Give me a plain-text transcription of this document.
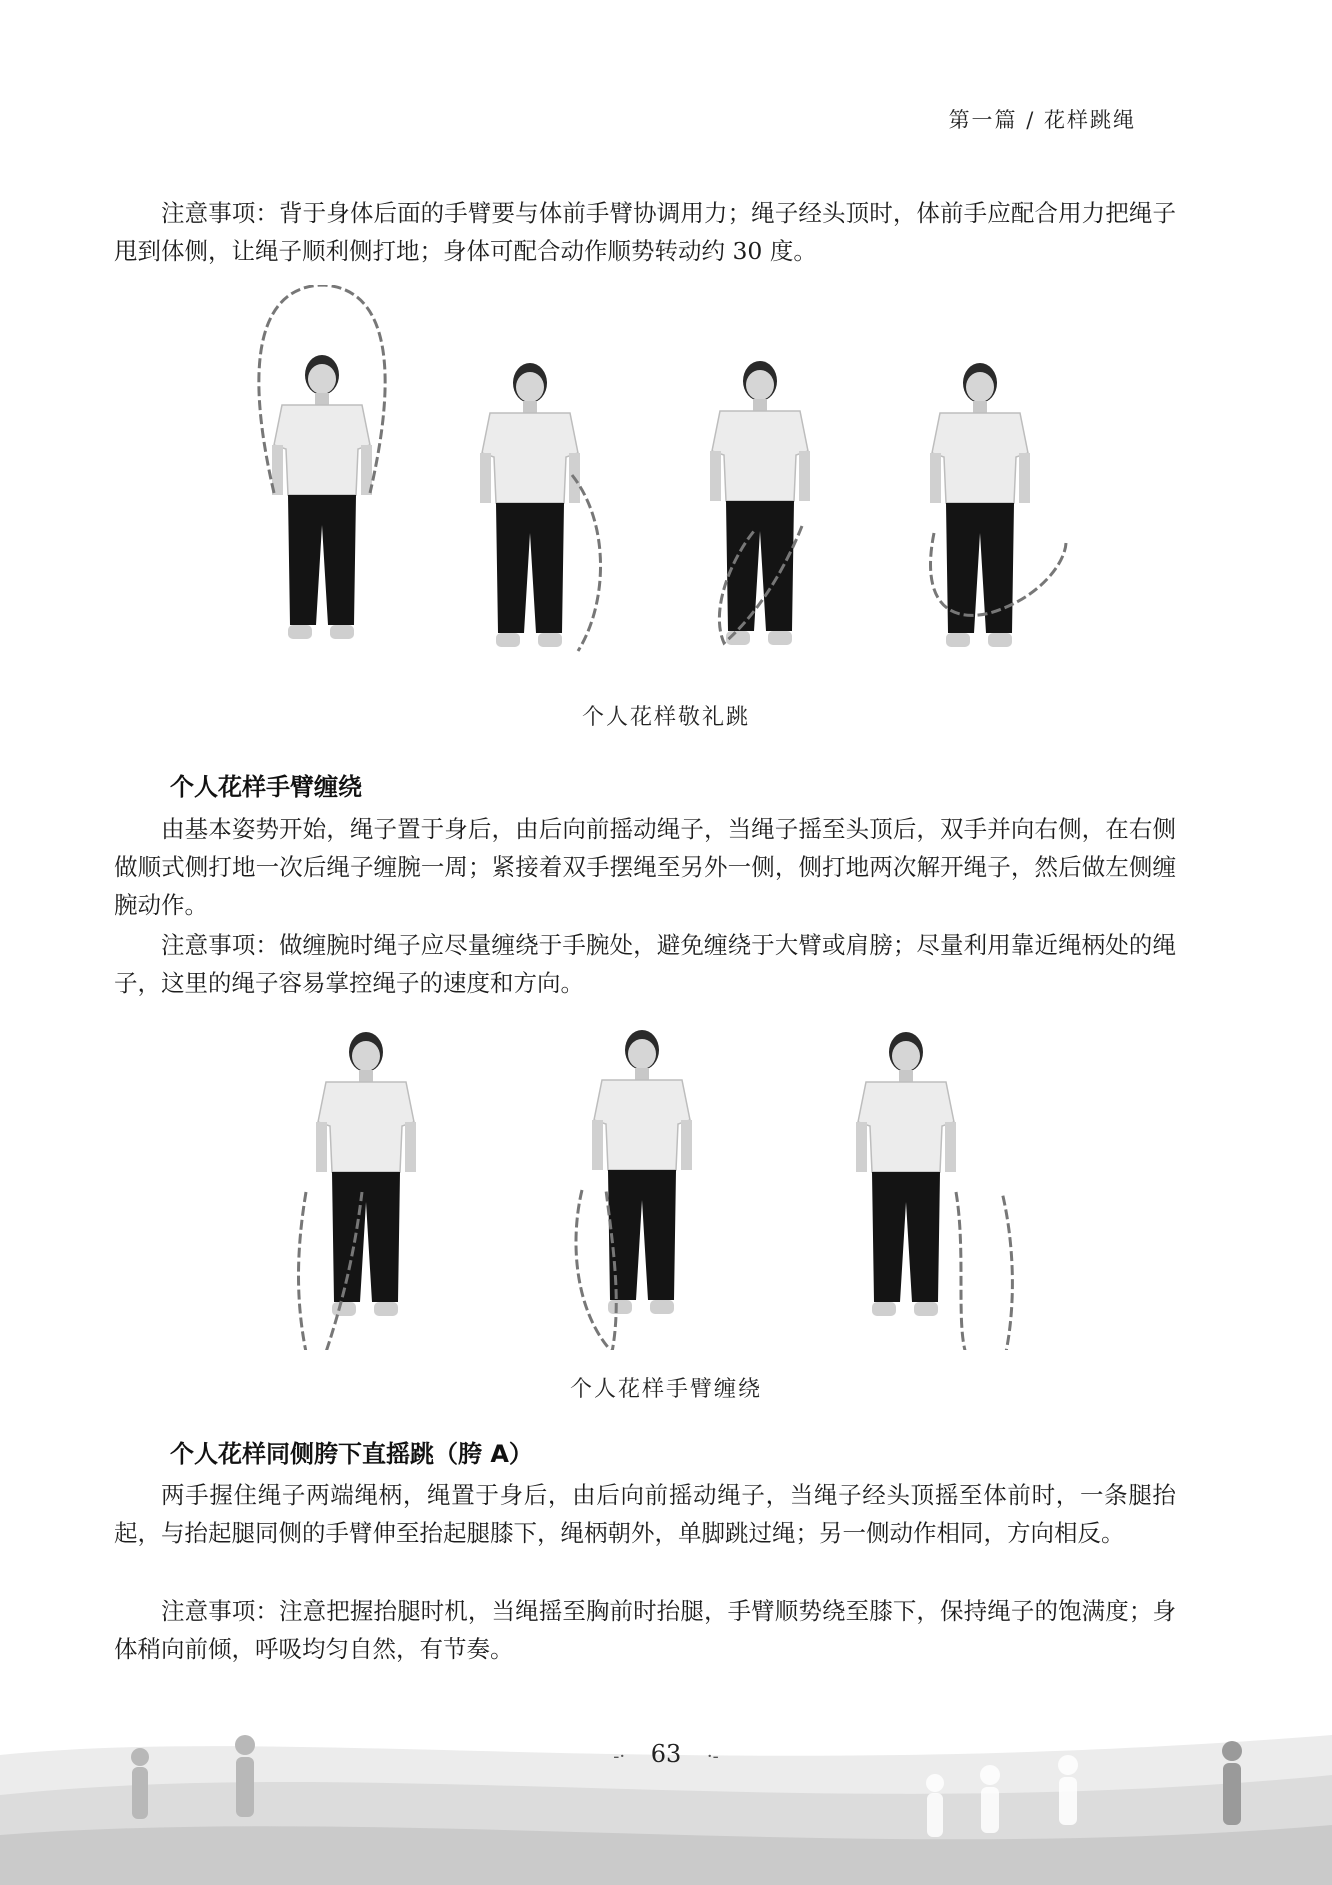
第一篇 / 花样跳绳

注意事项：背于身体后面的手臂要与体前手臂协调用力；绳子经头顶时，体前手应配合用力把绳子甩到体侧，让绳子顺利侧打地；身体可配合动作顺势转动约 30 度。

个人花样敬礼跳
个人花样手臂缠绕

由基本姿势开始，绳子置于身后，由后向前摇动绳子，当绳子摇至头顶后，双手并向右侧，在右侧做顺式侧打地一次后绳子缠腕一周；紧接着双手摆绳至另外一侧，侧打地两次解开绳子，然后做左侧缠腕动作。

注意事项：做缠腕时绳子应尽量缠绕于手腕处，避免缠绕于大臂或肩膀；尽量利用靠近绳柄处的绳子，这里的绳子容易掌控绳子的速度和方向。

个人花样手臂缠绕
个人花样同侧胯下直摇跳（胯 A）

两手握住绳子两端绳柄，绳置于身后，由后向前摇动绳子，当绳子经头顶摇至体前时，一条腿抬起，与抬起腿同侧的手臂伸至抬起腿膝下，绳柄朝外，单脚跳过绳；另一侧动作相同，方向相反。

注意事项：注意把握抬腿时机，当绳摇至胸前时抬腿，手臂顺势绕至膝下，保持绳子的饱满度；身体稍向前倾，呼吸均匀自然，有节奏。

-· 63 ·-
